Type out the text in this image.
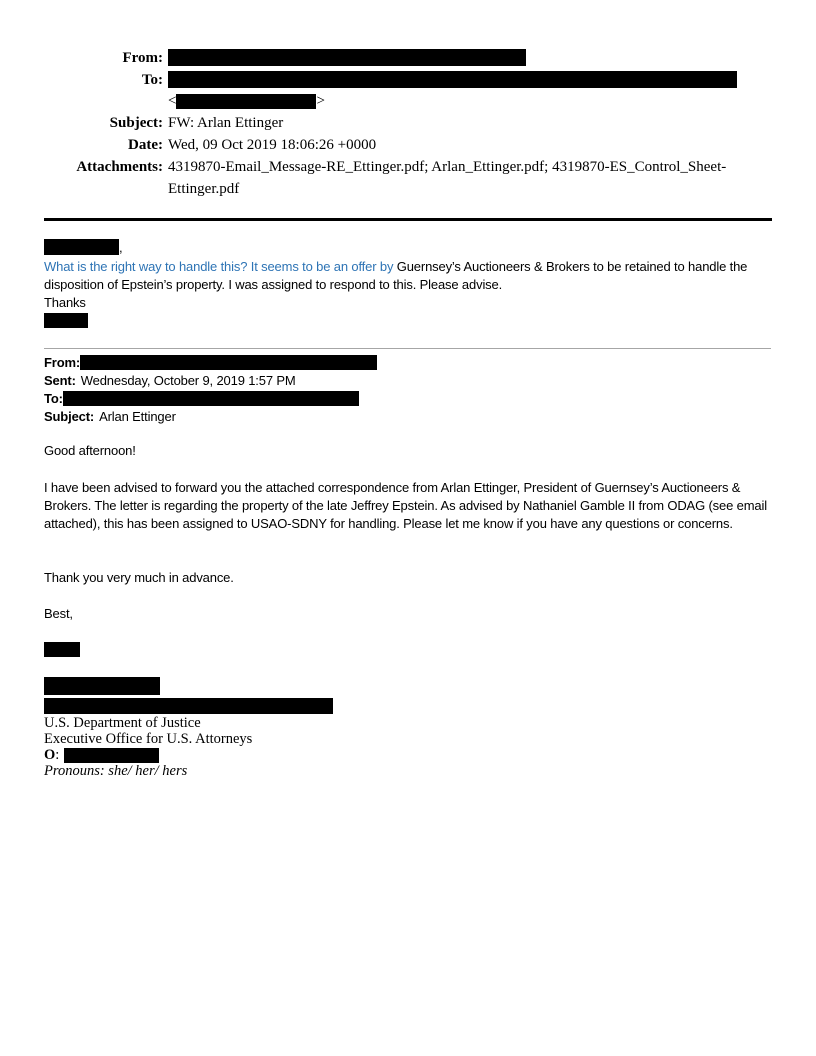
From:
To:
<	>
Subject: FW: Arlan Ettinger
Date: Wed, 09 Oct 2019 18:06:26 +0000
Attachments: 4319870-Email_Message-RE_Ettinger.pdf; Arlan_Ettinger.pdf; 4319870-ES_Control_Sheet-Ettinger.pdf
,
What is the right way to handle this? It seems to be an offer by Guernsey’s Auctioneers & Brokers to be retained to handle the disposition of Epstein’s property. I was assigned to respond to this. Please advise.
Thanks
From:
Sent: Wednesday, October 9, 2019 1:57 PM
To:
Subject: Arlan Ettinger
Good afternoon!
I have been advised to forward you the attached correspondence from Arlan Ettinger, President of Guernsey’s Auctioneers & Brokers. The letter is regarding the property of the late Jeffrey Epstein. As advised by Nathaniel Gamble II from ODAG (see email attached), this has been assigned to USAO-SDNY for handling. Please let me know if you have any questions or concerns.
Thank you very much in advance.
Best,
U.S. Department of Justice
Executive Office for U.S. Attorneys
O:
Pronouns: she/ her/ hers
